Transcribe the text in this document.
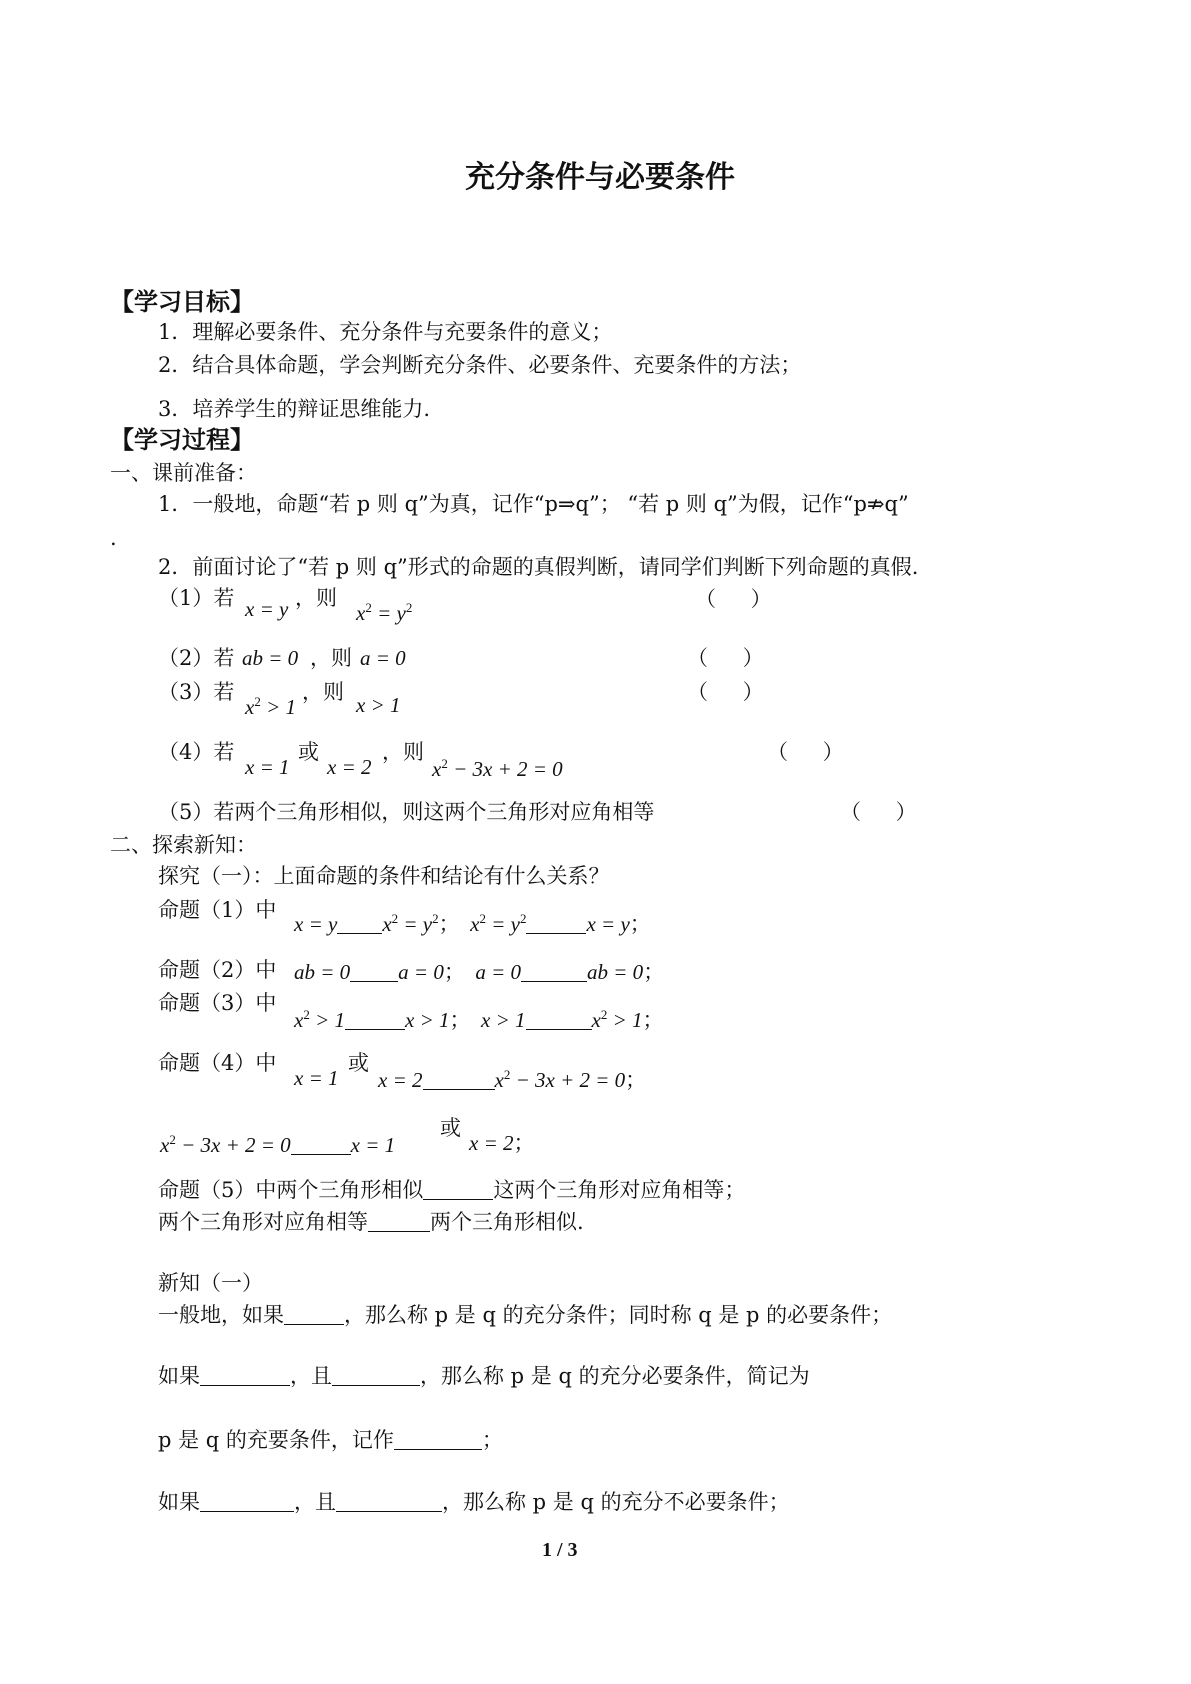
充分条件与必要条件
【学习目标】
1．理解必要条件、充分条件与充要条件的意义；
2．结合具体命题，学会判断充分条件、必要条件、充要条件的方法；
3．培养学生的辩证思维能力.
【学习过程】
一、课前准备：
1．一般地，命题“若 p 则 q”为真，记作“p⇒q”； “若 p 则 q”为假，记作“p⇏q”
.
2．前面讨论了“若 p 则 q”形式的命题的真假判断，请同学们判断下列命题的真假.
（1）若 x = y ，则
$x^2 = y^2$	（ ）
（2）若 ab = 0 ，则 a = 0	（ ）
（3）若
$x^2 > 1$
，则
x > 1
（ ）
（4）若
x = 1
或
x = 2
，则
$x^2 - 3x + 2 = 0$
（ ）
（5）若两个三角形相似，则这两个三角形对应角相等	（ ）
二、探索新知：
探究（一）：上面命题的条件和结论有什么关系？
命题（1）中
x = y $x^2 = y^2$； $x^2 = y^2$	x = y；
命题（2）中 ab = 0 a = 0； a = 0	ab = 0；
命题（3）中
$x^2 > 1$	x > 1； x > 1	$x^2 > 1$；
命题（4）中
x = 1
或
x = 2	$x^2 - 3x + 2 = 0$；
$x^2 - 3x + 2 = 0$	x = 1
或
x = 2；
命题（5）中两个三角形相似	这两个三角形对应角相等；
两个三角形对应角相等	两个三角形相似.
新知（一）
一般地，如果	，那么称 p 是 q 的充分条件；同时称 q 是 p 的必要条件；
如果	，且	，那么称 p 是 q 的充分必要条件，简记为
p 是 q 的充要条件，记作	；
如果	，且	，那么称 p 是 q 的充分不必要条件；
1 / 3
